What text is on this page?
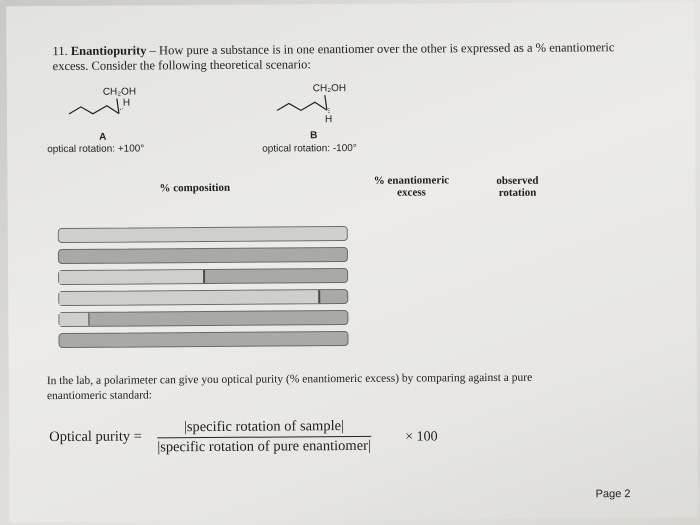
11. Enantiopurity – How pure a substance is in one enantiomer over the other is expressed as a % enantiomeric
excess. Consider the following theoretical scenario:
CH₂OH
H
A
optical rotation: +100°
CH₂OH
H
B
optical rotation: -100°
% composition
% enantiomeric
excess
observed
rotation
In the lab, a polarimeter can give you optical purity (% enantiomeric excess) by comparing against a pure
enantiomeric standard:
Optical purity =
|specific rotation of sample|
|specific rotation of pure enantiomer|
× 100
Page 2
